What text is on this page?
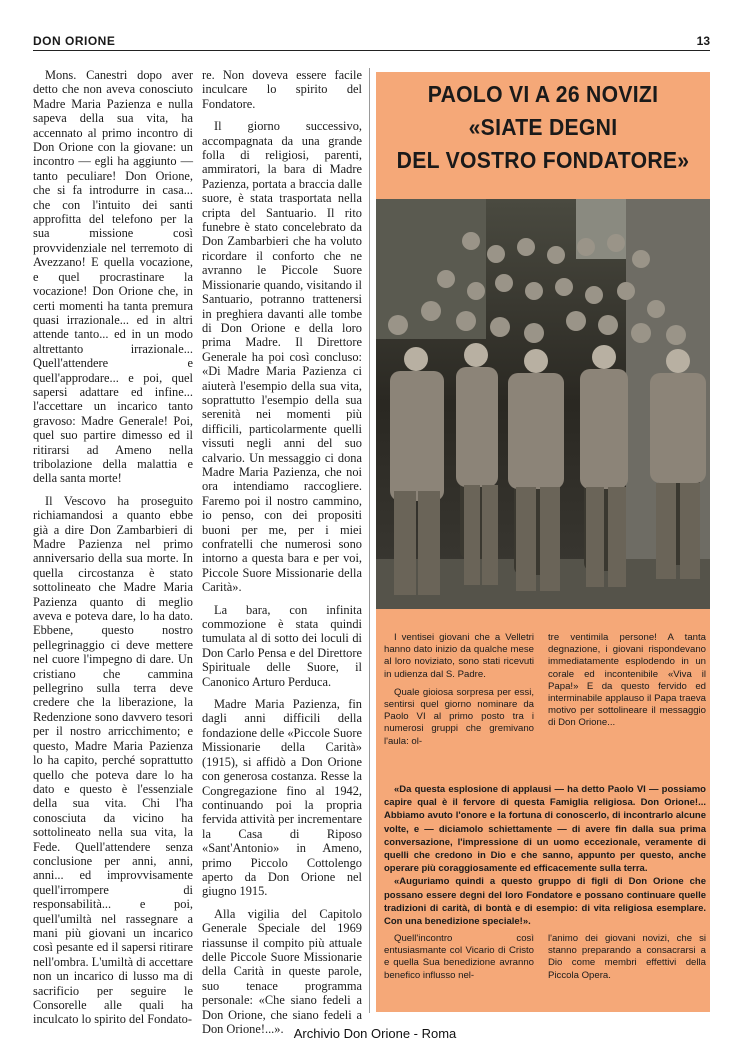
DON ORIONE	13

Mons. Canestri dopo aver detto che non aveva conosciuto Madre Maria Pazienza e nulla sapeva della sua vita, ha accennato al primo incontro di Don Orione con la giovane: un incontro — egli ha aggiunto — tanto peculiare! Don Orione, che si fa introdurre in casa... che con l'intuito dei santi approfitta del telefono per la sua missione così provvidenziale nel terremoto di Avezzano! E quella vocazione, e quel procrastinare la vocazione! Don Orione che, in certi momenti ha tanta premura quasi irrazionale... ed in altri attende tanto... ed in un modo altrettanto irrazionale... Quell'attendere e quell'approdare... e poi, quel sapersi adattare ed infine... l'accettare un incarico tanto gravoso: Madre Generale! Poi, quel suo partire dimesso ed il ritirarsi ad Ameno nella tribolazione della malattia e della santa morte!

Il Vescovo ha proseguito richiamandosi a quanto ebbe già a dire Don Zambarbieri di Madre Pazienza nel primo anniversario della sua morte. In quella circostanza è stato sottolineato che Madre Maria Pazienza quanto di meglio aveva e poteva dare, lo ha dato. Ebbene, questo nostro pellegrinaggio ci deve mettere nel cuore l'impegno di dare. Un cristiano che cammina pellegrino sulla terra deve credere che la liberazione, la Redenzione sono davvero tesori per il nostro arricchimento; e questo, Madre Maria Pazienza lo ha capito, perché soprattutto quello che poteva dare lo ha dato e questo è l'essenziale della sua vita. Chi l'ha conosciuta da vicino ha sottolineato nella sua vita, la Fede. Quell'attendere senza conclusione per anni, anni, anni... ed improvvisamente quell'irrompere di responsabilità... e poi, quell'umiltà nel rassegnare a mani più giovani un incarico così pesante ed il sapersi ritirare nell'ombra. L'umiltà di accettare non un incarico di lusso ma di sacrificio per seguire le Consorelle alle quali ha inculcato lo spirito del Fondato-

re. Non doveva essere facile inculcare lo spirito del Fondatore.

Il giorno successivo, accompagnata da una grande folla di religiosi, parenti, ammiratori, la bara di Madre Pazienza, portata a braccia dalle suore, è stata trasportata nella cripta del Santuario. Il rito funebre è stato concelebrato da Don Zambarbieri che ha voluto ricordare il conforto che ne avranno le Piccole Suore Missionarie quando, visitando il Santuario, potranno trattenersi in preghiera davanti alle tombe di Don Orione e della loro prima Madre. Il Direttore Generale ha poi così concluso: «Di Madre Maria Pazienza ci aiuterà l'esempio della sua vita, soprattutto l'esempio della sua serenità nei momenti più difficili, particolarmente quelli vissuti negli anni del suo calvario. Un messaggio ci dona Madre Maria Pazienza, che noi ora intendiamo raccogliere. Faremo poi il nostro cammino, io penso, con dei propositi buoni per me, per i miei confratelli che numerosi sono intorno a questa bara e per voi, Piccole Suore Missionarie della Carità».

La bara, con infinita commozione è stata quindi tumulata al di sotto dei loculi di Don Carlo Pensa e del Direttore Spirituale delle Suore, il Canonico Arturo Perduca.

Madre Maria Pazienza, fin dagli anni difficili della fondazione delle «Piccole Suore Missionarie della Carità» (1915), si affidò a Don Orione con generosa costanza. Resse la Congregazione fino al 1942, continuando poi la propria fervida attività per incrementare la Casa di Riposo «Sant'Antonio» in Ameno, primo Piccolo Cottolengo aperto da Don Orione nel giugno 1915.

Alla vigilia del Capitolo Generale Speciale del 1969 riassunse il compito più attuale delle Piccole Suore Missionarie della Carità in queste parole, suo tenace programma personale: «Che siano fedeli a Don Orione, che siano fedeli a Don Orione!...».

PAOLO VI A 26 NOVIZI
«SIATE DEGNI
DEL VOSTRO FONDATORE»

I ventisei giovani che a Velletri hanno dato inizio da qualche mese al loro noviziato, sono stati ricevuti in udienza dal S. Padre.

Quale gioiosa sorpresa per essi, sentirsi quel giorno nominare da Paolo VI al primo posto tra i numerosi gruppi che gremivano l'aula: ol-

tre ventimila persone! A tanta degnazione, i giovani rispondevano immediatamente esplodendo in un corale ed incontenibile «Viva il Papa!» E da questo fervido ed interminabile applauso il Papa traeva motivo per sottolineare il messaggio di Don Orione...

«Da questa esplosione di applausi — ha detto Paolo VI — possiamo capire qual è il fervore di questa Famiglia religiosa. Don Orione!... Abbiamo avuto l'onore e la fortuna di conoscerlo, di incontrarlo alcune volte, e — diciamolo schiettamente — di avere fin dalla sua prima conversazione, l'impressione di un uomo eccezionale, veramente di quelli che credono in Dio e che sanno, appunto per questo, anche operare più coraggiosamente ed efficacemente sulla terra.

«Auguriamo quindi a questo gruppo di figli di Don Orione che possano essere degni del loro Fondatore e possano continuare quelle tradizioni di carità, di bontà e di esempio: di vita religiosa esemplare. Con una benedizione speciale!».

Quell'incontro così entusiasmante col Vicario di Cristo e quella Sua benedizione avranno benefico influsso nel-

l'animo dei giovani novizi, che si stanno preparando a consacrarsi a Dio come membri effettivi della Piccola Opera.

Archivio Don Orione - Roma
